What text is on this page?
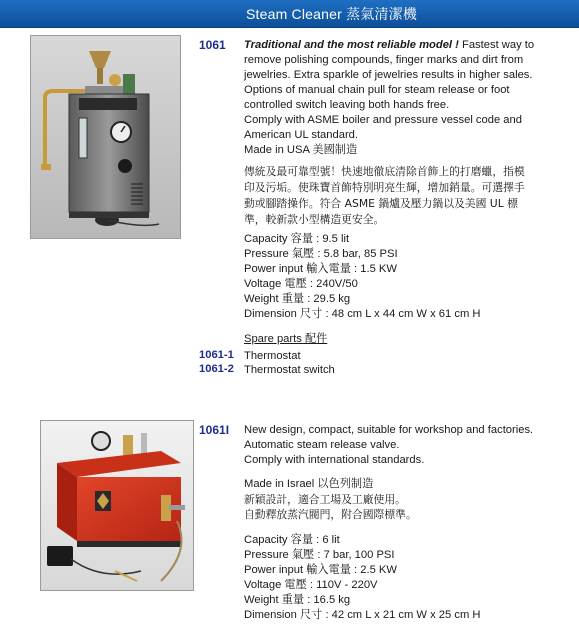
Steam Cleaner 蒸氣清潔機
1061 Traditional and the most reliable model ! Fastest way to
remove polishing compounds, finger marks and dirt from
jewelries. Extra sparkle of jewelries results in higher sales.
Options of manual chain pull for steam release or foot
controlled switch leaving both hands free.
Comply with ASME boiler and pressure vessel code and
American UL standard.
Made in USA 美國制造
傳統及最可靠型號！快速地徹底清除首飾上的打磨蠟，指模
印及污垢。使珠寶首飾特別明亮生輝，增加銷量。可選擇手
動或腳踏操作。符合 ASME 鍋爐及壓力鍋以及美國 UL 標
準，較新款小型構造更安全。
Capacity 容量 : 9.5 lit
Pressure 氣壓 : 5.8 bar, 85 PSI
Power input 輸入電量 : 1.5 KW
Voltage 電壓 : 240V/50
Weight 重量 : 29.5 kg
Dimension 尺寸 : 48 cm L x 44 cm W x 61 cm H
Spare parts 配件
1061-1 Thermostat
1061-2 Thermostat switch
1061I New design, compact, suitable for workshop and factories.
Automatic steam release valve.
Comply with international standards.
Made in Israel 以色列制造
新穎設計，適合工場及工廠使用。
自動釋放蒸汽閥門，附合國際標準。
Capacity 容量 : 6 lit
Pressure 氣壓 : 7 bar, 100 PSI
Power input 輸入電量 : 2.5 KW
Voltage 電壓 : 110V - 220V
Weight 重量 : 16.5 kg
Dimension 尺寸 : 42 cm L x 21 cm W x 25 cm H
